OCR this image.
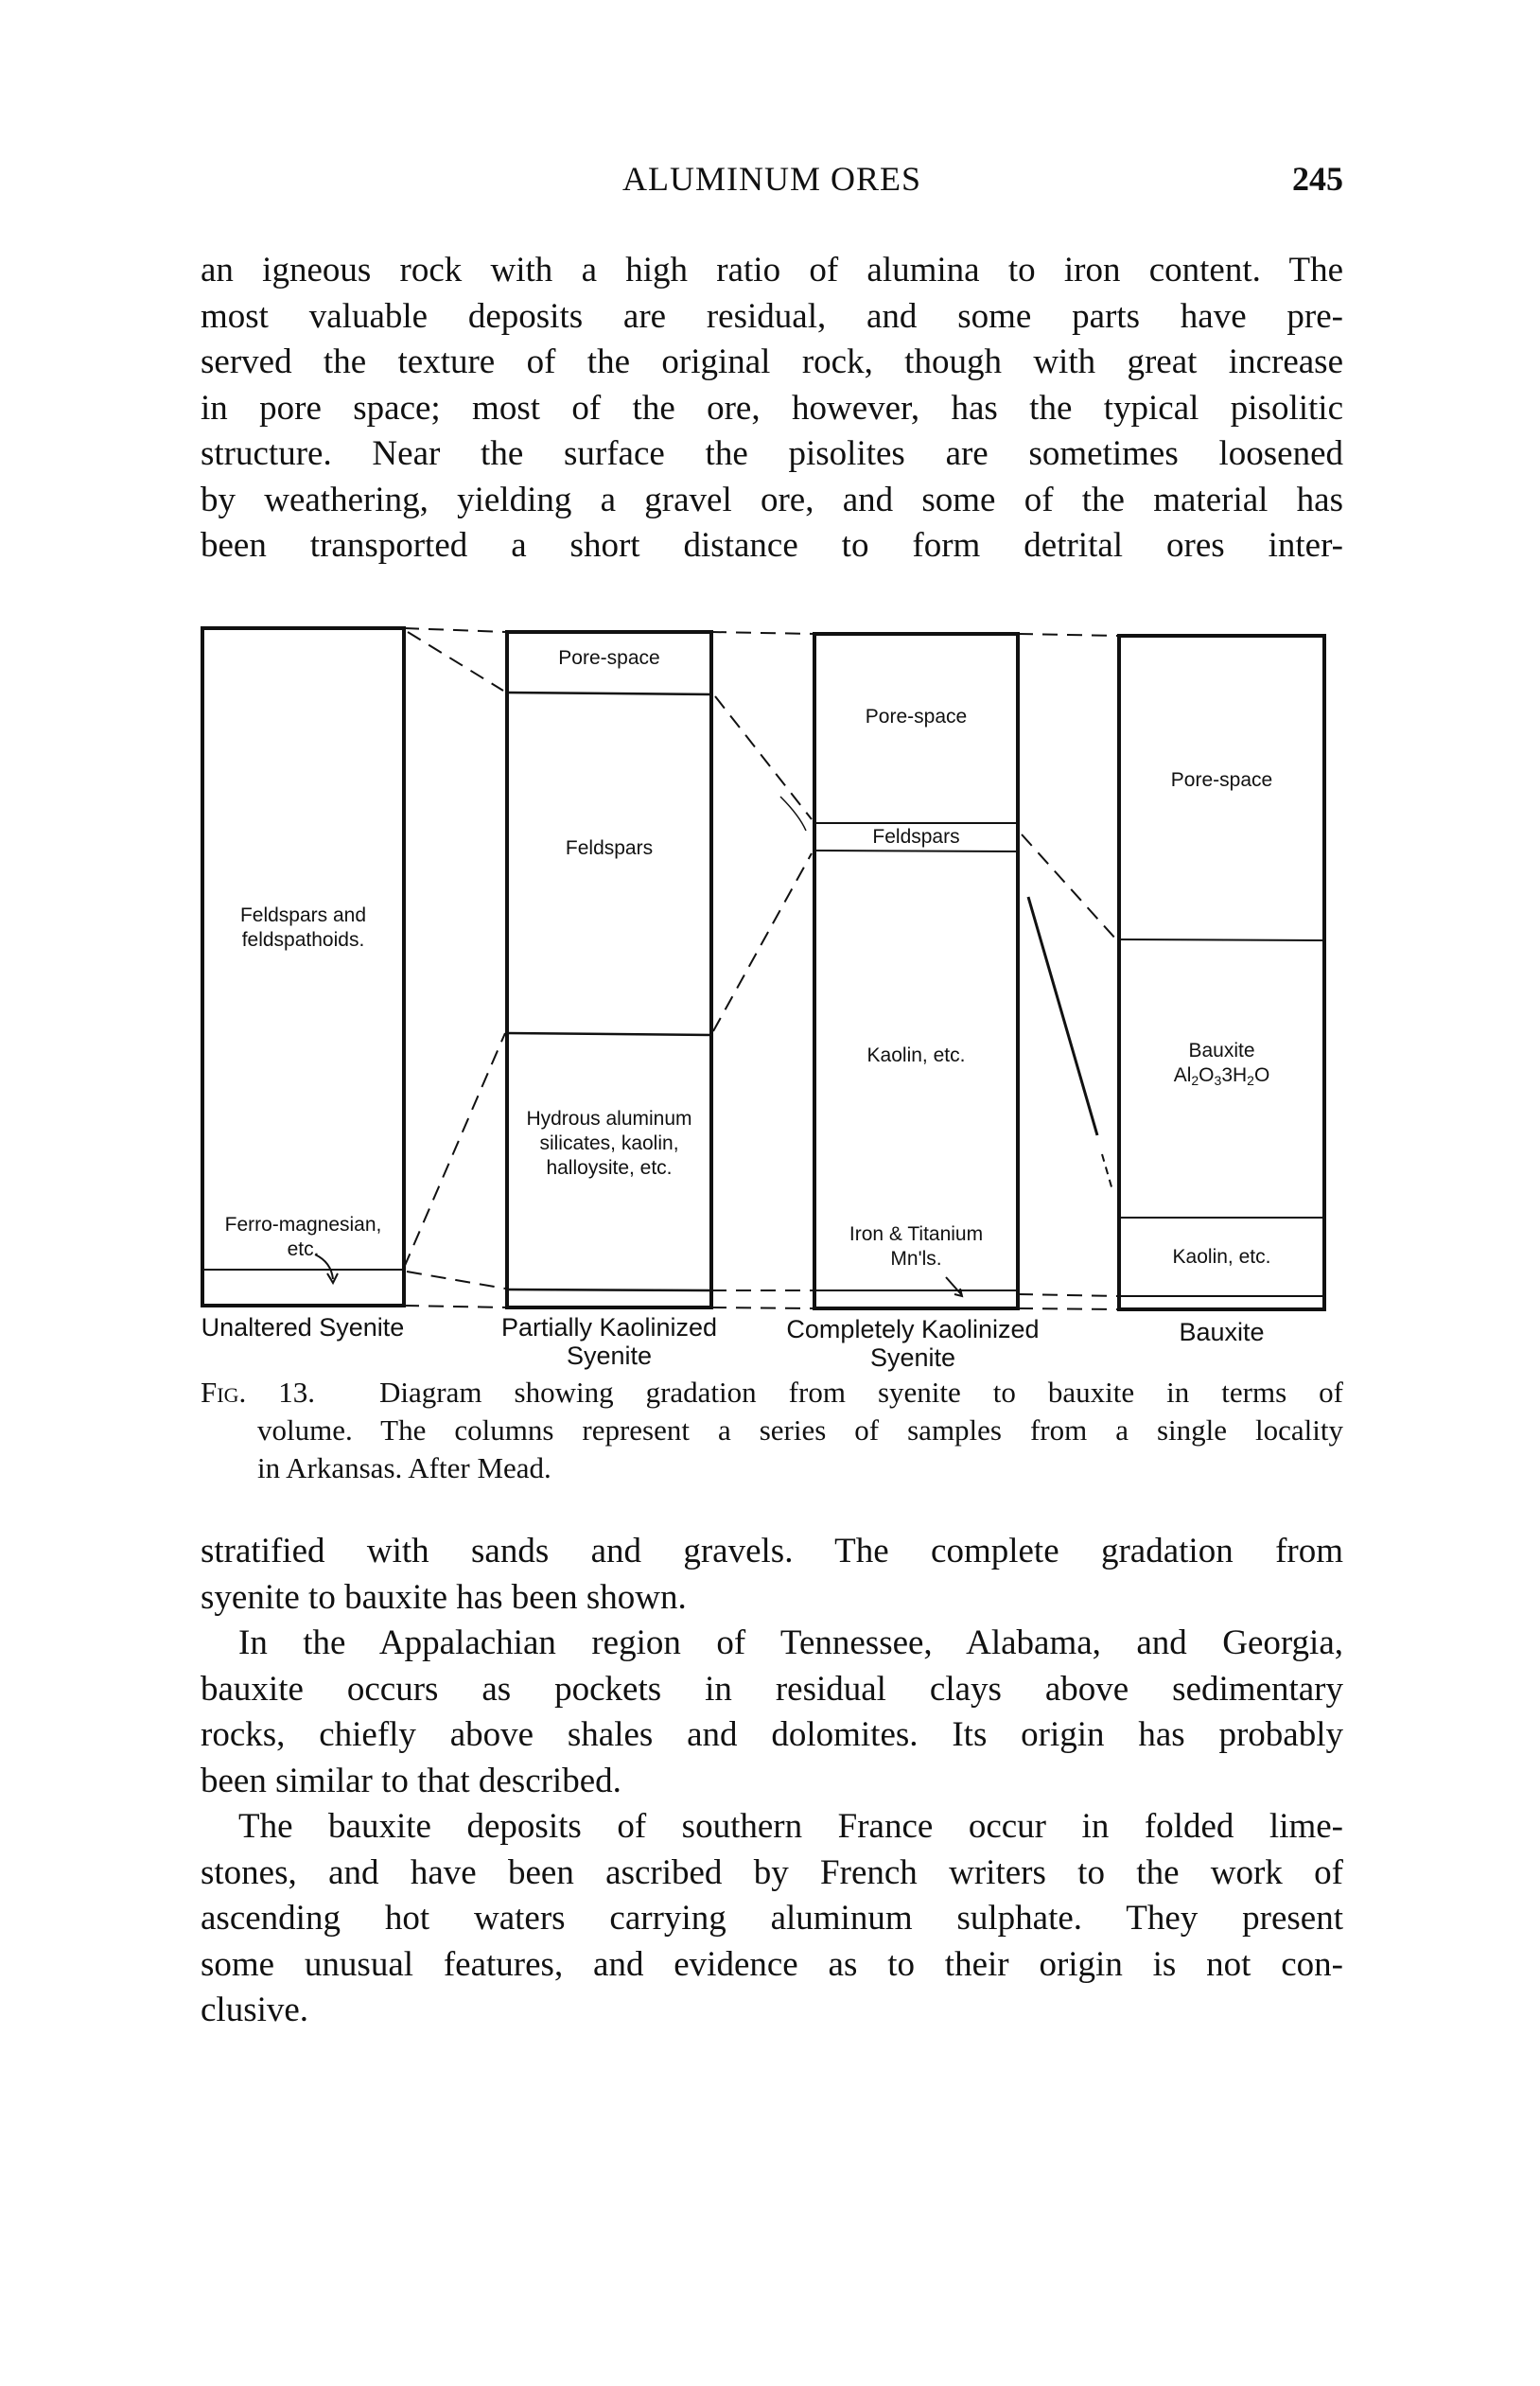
ALUMINUM ORES	245
an igneous rock with a high ratio of alumina to iron content. The
most valuable deposits are residual, and some parts have pre-
served the texture of the original rock, though with great increase
in pore space; most of the ore, however, has the typical pisolitic
structure. Near the surface the pisolites are sometimes loosened
by weathering, yielding a gravel ore, and some of the material has
been transported a short distance to form detrital ores inter-
Feldspars and
feldspathoids.
Ferro-magnesian,
etc.
Pore-space
Feldspars
Hydrous aluminum
silicates, kaolin,
halloysite, etc.
Pore-space
Feldspars
Kaolin, etc.
Iron & Titanium
Mn'ls.
Pore-space
Bauxite
$Al_2O_33H_2O$
Kaolin, etc.
Unaltered Syenite	Partially Kaolinized
Syenite
Completely Kaolinized
Syenite
Bauxite
Fig. 13. Diagram showing gradation from syenite to bauxite in terms of
volume. The columns represent a series of samples from a single locality
in Arkansas. After Mead.
stratified with sands and gravels. The complete gradation from
syenite to bauxite has been shown.
In the Appalachian region of Tennessee, Alabama, and Georgia,
bauxite occurs as pockets in residual clays above sedimentary
rocks, chiefly above shales and dolomites. Its origin has probably
been similar to that described.
The bauxite deposits of southern France occur in folded lime-
stones, and have been ascribed by French writers to the work of
ascending hot waters carrying aluminum sulphate. They present
some unusual features, and evidence as to their origin is not con-
clusive.
